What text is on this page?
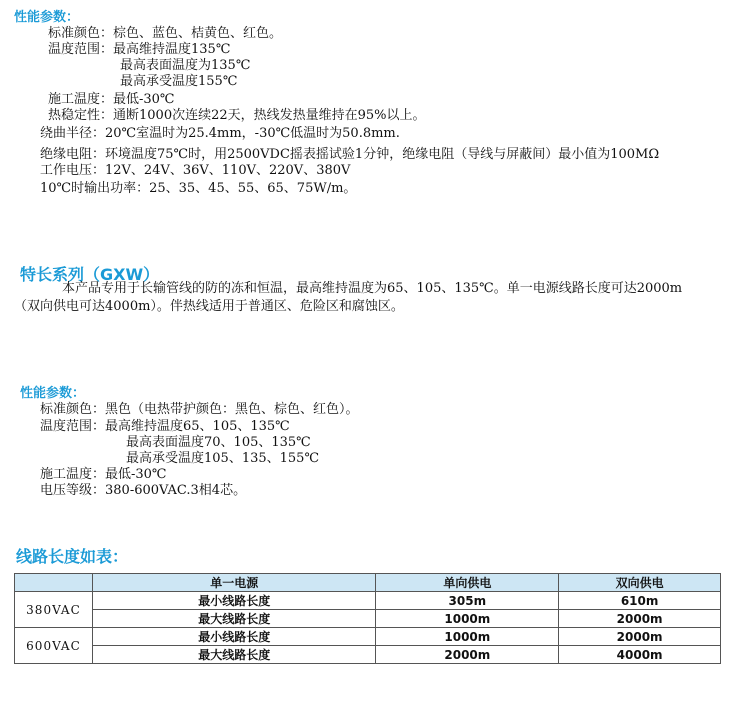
性能参数：
标准颜色：棕色、蓝色、桔黄色、红色。
温度范围：最高维持温度135℃
最高表面温度为135℃
最高承受温度155℃
施工温度：最低-30℃
热稳定性：通断1000次连续22天，热线发热量维持在95%以上。
绕曲半径：20℃室温时为25.4mm，-30℃低温时为50.8mm.
绝缘电阻：环境温度75℃时，用2500VDC摇表摇试验1分钟，绝缘电阻（导线与屏蔽间）最小值为100MΩ
工作电压：12V、24V、36V、110V、220V、380V
10℃时输出功率：25、35、45、55、65、75W/m。
特长系列（GXW）
本产品专用于长输管线的防的冻和恒温，最高维持温度为65、105、135℃。单一电源线路长度可达2000m
（双向供电可达4000m）。伴热线适用于普通区、危险区和腐蚀区。
性能参数：
标准颜色：黑色（电热带护颜色：黑色、棕色、红色）。
温度范围：最高维持温度65、105、135℃
最高表面温度70、105、135℃
最高承受温度105、135、155℃
施工温度：最低-30℃
电压等级：380-600VAC.3相4芯。
线路长度如表：
	单一电源	单向供电	双向供电
380VAC	最小线路长度	305m	610m
	最大线路长度	1000m	2000m
600VAC	最小线路长度	1000m	2000m
	最大线路长度	2000m	4000m
